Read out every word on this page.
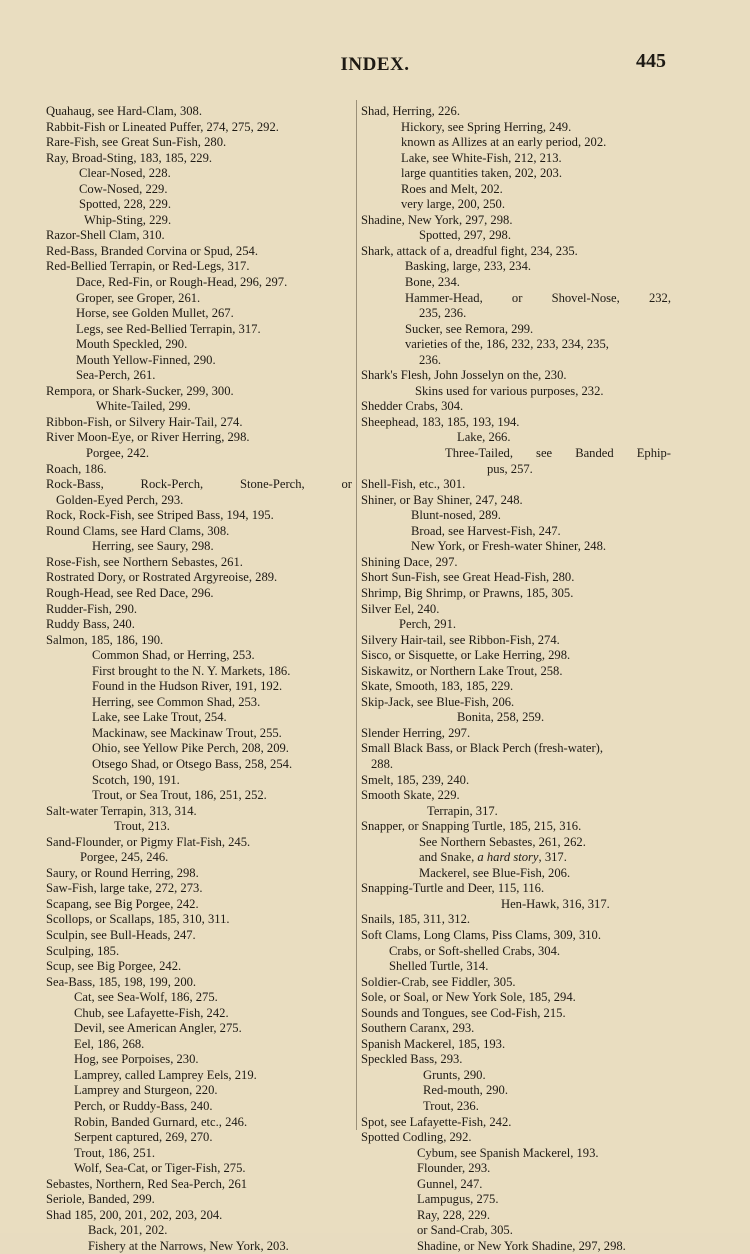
INDEX.	445
Quahaug, see Hard-Clam, 308.
Rabbit-Fish or Lineated Puffer, 274, 275, 292.
Rare-Fish, see Great Sun-Fish, 280.
Ray, Broad-Sting, 183, 185, 229.
Clear-Nosed, 228.
Cow-Nosed, 229.
Spotted, 228, 229.
Whip-Sting, 229.
Razor-Shell Clam, 310.
Red-Bass, Branded Corvina or Spud, 254.
Red-Bellied Terrapin, or Red-Legs, 317.
Dace, Red-Fin, or Rough-Head, 296, 297.
Groper, see Groper, 261.
Horse, see Golden Mullet, 267.
Legs, see Red-Bellied Terrapin, 317.
Mouth Speckled, 290.
Mouth Yellow-Finned, 290.
Sea-Perch, 261.
Rempora, or Shark-Sucker, 299, 300.
White-Tailed, 299.
Ribbon-Fish, or Silvery Hair-Tail, 274.
River Moon-Eye, or River Herring, 298.
Porgee, 242.
Roach, 186.
Rock-Bass, Rock-Perch, Stone-Perch, or
Golden-Eyed Perch, 293.
Rock, Rock-Fish, see Striped Bass, 194, 195.
Round Clams, see Hard Clams, 308.
Herring, see Saury, 298.
Rose-Fish, see Northern Sebastes, 261.
Rostrated Dory, or Rostrated Argyreoise, 289.
Rough-Head, see Red Dace, 296.
Rudder-Fish, 290.
Ruddy Bass, 240.
Salmon, 185, 186, 190.
Common Shad, or Herring, 253.
First brought to the N. Y. Markets, 186.
Found in the Hudson River, 191, 192.
Herring, see Common Shad, 253.
Lake, see Lake Trout, 254.
Mackinaw, see Mackinaw Trout, 255.
Ohio, see Yellow Pike Perch, 208, 209.
Otsego Shad, or Otsego Bass, 258, 254.
Scotch, 190, 191.
Trout, or Sea Trout, 186, 251, 252.
Salt-water Terrapin, 313, 314.
Trout, 213.
Sand-Flounder, or Pigmy Flat-Fish, 245.
Porgee, 245, 246.
Saury, or Round Herring, 298.
Saw-Fish, large take, 272, 273.
Scapang, see Big Porgee, 242.
Scollops, or Scallaps, 185, 310, 311.
Sculpin, see Bull-Heads, 247.
Sculping, 185.
Scup, see Big Porgee, 242.
Sea-Bass, 185, 198, 199, 200.
Cat, see Sea-Wolf, 186, 275.
Chub, see Lafayette-Fish, 242.
Devil, see American Angler, 275.
Eel, 186, 268.
Hog, see Porpoises, 230.
Lamprey, called Lamprey Eels, 219.
Lamprey and Sturgeon, 220.
Perch, or Ruddy-Bass, 240.
Robin, Banded Gurnard, etc., 246.
Serpent captured, 269, 270.
Trout, 186, 251.
Wolf, Sea-Cat, or Tiger-Fish, 275.
Sebastes, Northern, Red Sea-Perch, 261
Seriole, Banded, 299.
Shad 185, 200, 201, 202, 203, 204.
Back, 201, 202.
Fishery at the Narrows, New York, 203.
Shad, Herring, 226.
Hickory, see Spring Herring, 249.
known as Allizes at an early period, 202.
Lake, see White-Fish, 212, 213.
large quantities taken, 202, 203.
Roes and Melt, 202.
very large, 200, 250.
Shadine, New York, 297, 298.
Spotted, 297, 298.
Shark, attack of a, dreadful fight, 234, 235.
Basking, large, 233, 234.
Bone, 234.
Hammer-Head, or Shovel-Nose, 232,
235, 236.
Sucker, see Remora, 299.
varieties of the, 186, 232, 233, 234, 235,
236.
Shark's Flesh, John Josselyn on the, 230.
Skins used for various purposes, 232.
Shedder Crabs, 304.
Sheephead, 183, 185, 193, 194.
Lake, 266.
Three-Tailed, see Banded Ephip-
pus, 257.
Shell-Fish, etc., 301.
Shiner, or Bay Shiner, 247, 248.
Blunt-nosed, 289.
Broad, see Harvest-Fish, 247.
New York, or Fresh-water Shiner, 248.
Shining Dace, 297.
Short Sun-Fish, see Great Head-Fish, 280.
Shrimp, Big Shrimp, or Prawns, 185, 305.
Silver Eel, 240.
Perch, 291.
Silvery Hair-tail, see Ribbon-Fish, 274.
Sisco, or Sisquette, or Lake Herring, 298.
Siskawitz, or Northern Lake Trout, 258.
Skate, Smooth, 183, 185, 229.
Skip-Jack, see Blue-Fish, 206.
Bonita, 258, 259.
Slender Herring, 297.
Small Black Bass, or Black Perch (fresh-water),
288.
Smelt, 185, 239, 240.
Smooth Skate, 229.
Terrapin, 317.
Snapper, or Snapping Turtle, 185, 215, 316.
See Northern Sebastes, 261, 262.
and Snake, a hard story, 317.
Mackerel, see Blue-Fish, 206.
Snapping-Turtle and Deer, 115, 116.
Hen-Hawk, 316, 317.
Snails, 185, 311, 312.
Soft Clams, Long Clams, Piss Clams, 309, 310.
Crabs, or Soft-shelled Crabs, 304.
Shelled Turtle, 314.
Soldier-Crab, see Fiddler, 305.
Sole, or Soal, or New York Sole, 185, 294.
Sounds and Tongues, see Cod-Fish, 215.
Southern Caranx, 293.
Spanish Mackerel, 185, 193.
Speckled Bass, 293.
Grunts, 290.
Red-mouth, 290.
Trout, 236.
Spot, see Lafayette-Fish, 242.
Spotted Codling, 292.
Cybum, see Spanish Mackerel, 193.
Flounder, 293.
Gunnel, 247.
Lampugus, 275.
Ray, 228, 229.
or Sand-Crab, 305.
Shadine, or New York Shadine, 297, 298.
